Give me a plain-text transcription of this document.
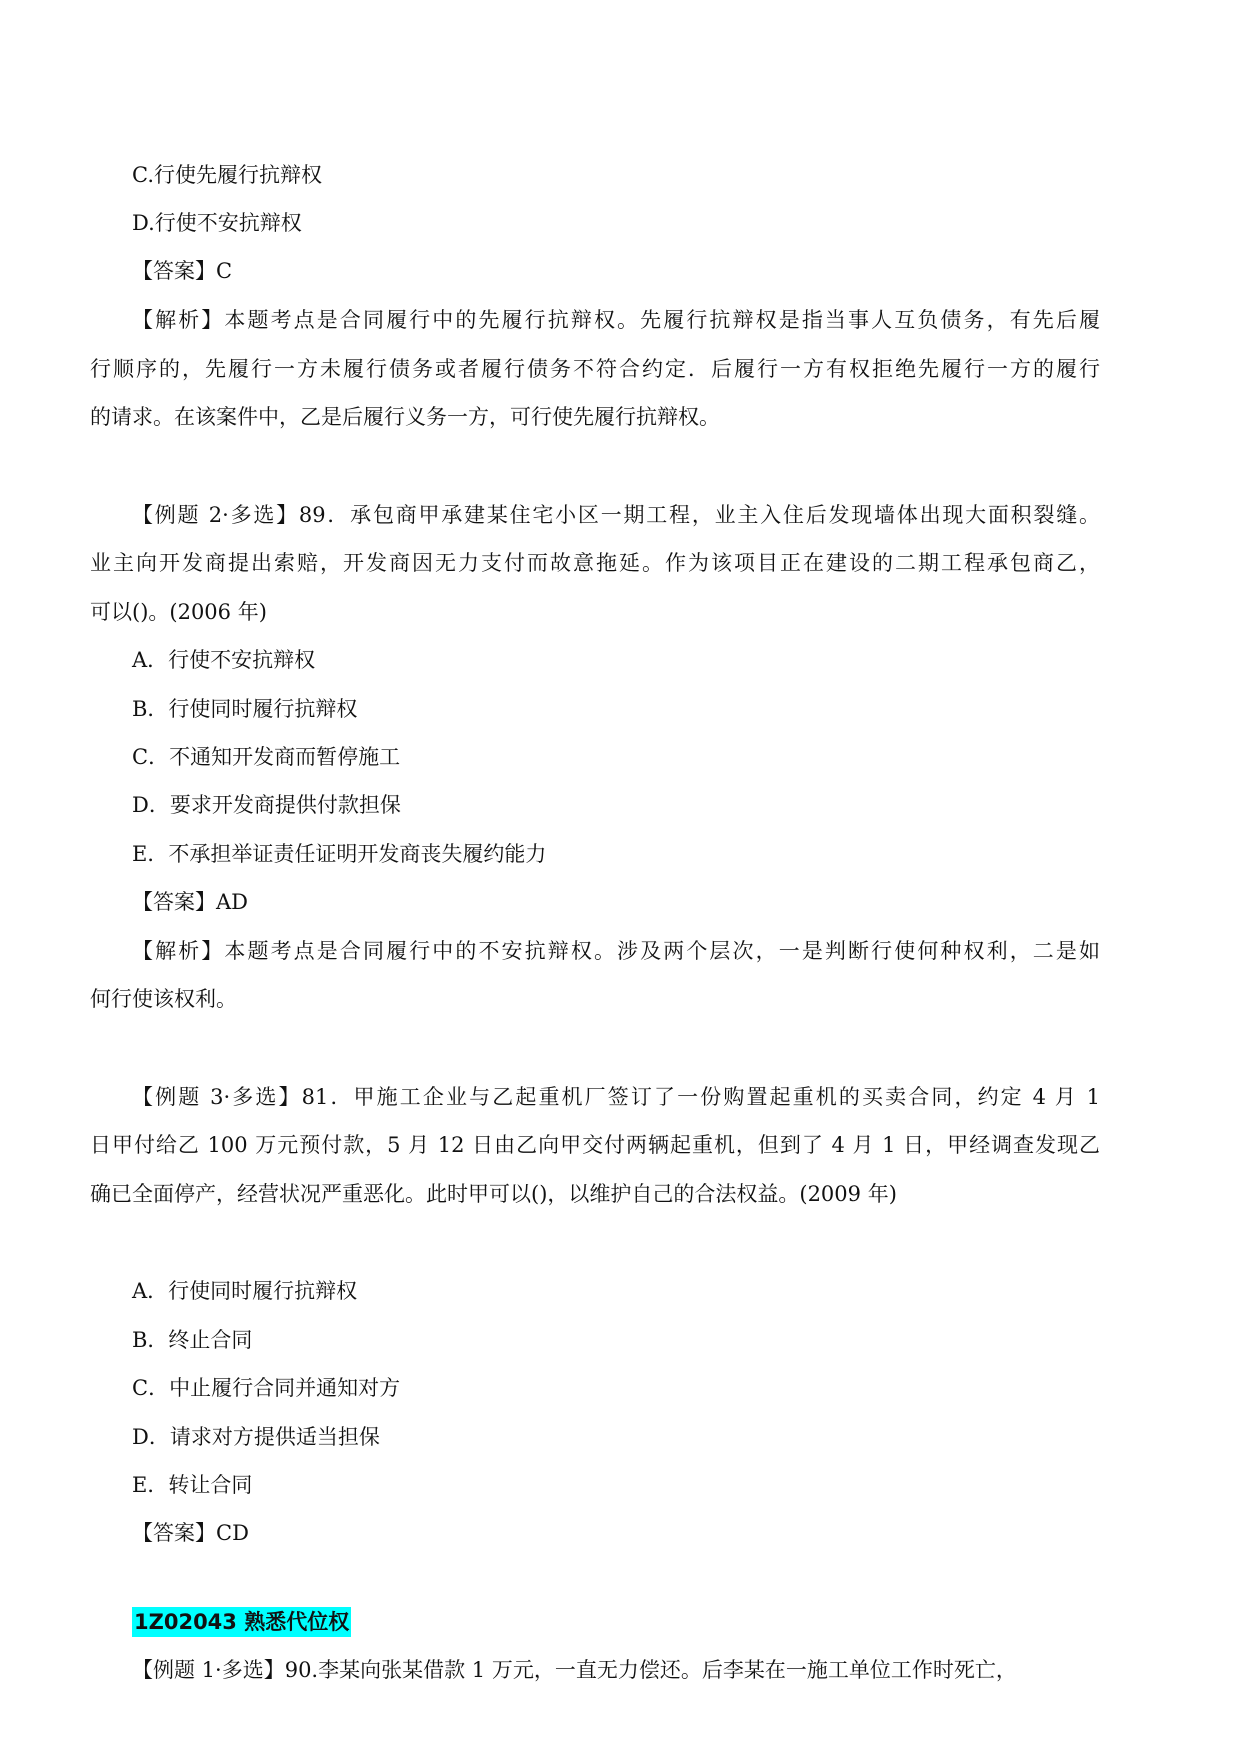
C.行使先履行抗辩权
D.行使不安抗辩权
【答案】C
【解析】本题考点是合同履行中的先履行抗辩权。先履行抗辩权是指当事人互负债务，有先后履
行顺序的，先履行一方未履行债务或者履行债务不符合约定．后履行一方有权拒绝先履行一方的履行
的请求。在该案件中，乙是后履行义务一方，可行使先履行抗辩权。
【例题 2·多选】89．承包商甲承建某住宅小区一期工程，业主入住后发现墙体出现大面积裂缝。
业主向开发商提出索赔，开发商因无力支付而故意拖延。作为该项目正在建设的二期工程承包商乙，
可以()。(2006 年)
A．行使不安抗辩权
B．行使同时履行抗辩权
C．不通知开发商而暂停施工
D．要求开发商提供付款担保
E．不承担举证责任证明开发商丧失履约能力
【答案】AD
【解析】本题考点是合同履行中的不安抗辩权。涉及两个层次，一是判断行使何种权利，二是如
何行使该权利。
【例题 3·多选】81．甲施工企业与乙起重机厂签订了一份购置起重机的买卖合同，约定 4 月 1
日甲付给乙 100 万元预付款，5 月 12 日由乙向甲交付两辆起重机，但到了 4 月 1 日，甲经调查发现乙
确已全面停产，经营状况严重恶化。此时甲可以()，以维护自己的合法权益。(2009 年)
A．行使同时履行抗辩权
B．终止合同
C．中止履行合同并通知对方
D．请求对方提供适当担保
E．转让合同
【答案】CD
1Z02043 熟悉代位权
【例题 1·多选】90.李某向张某借款 1 万元，一直无力偿还。后李某在一施工单位工作时死亡，
